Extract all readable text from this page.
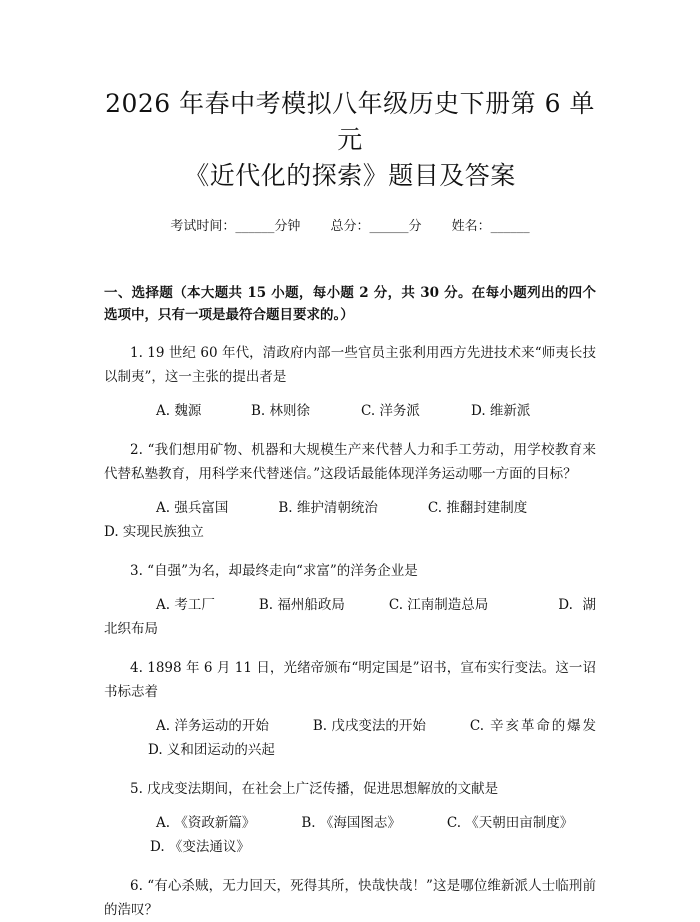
2026 年春中考模拟八年级历史下册第 6 单元
《近代化的探索》题目及答案
考试时间：______分钟 总分：______分 姓名：______
一、选择题（本大题共 15 小题，每小题 2 分，共 30 分。在每小题列出的四个选项中，只有一项是最符合题目要求的。）
1. 19 世纪 60 年代，清政府内部一些官员主张利用西方先进技术来“师夷长技以制夷”，这一主张的提出者是
A. 魏源	B. 林则徐	C. 洋务派	D. 维新派
2. “我们想用矿物、机器和大规模生产来代替人力和手工劳动，用学校教育来代替私塾教育，用科学来代替迷信。”这段话最能体现洋务运动哪一方面的目标？
A. 强兵富国	B. 维护清朝统治	C. 推翻封建制度D. 实现民族独立
3. “自强”为名，却最终走向“求富”的洋务企业是
A. 考工厂	B. 福州船政局	C. 江南制造总局	D. 湖北织布局
4. 1898 年 6 月 11 日，光绪帝颁布“明定国是”诏书，宣布实行变法。这一诏书标志着
A. 洋务运动的开始	B. 戊戌变法的开始	C. 辛亥革命的爆发D. 义和团运动的兴起
5. 戊戌变法期间，在社会上广泛传播，促进思想解放的文献是
A. 《资政新篇》	B. 《海国图志》	C. 《天朝田亩制度》D. 《变法通议》
6. “有心杀贼，无力回天，死得其所，快哉快哉！”这是哪位维新派人士临刑前的浩叹？
